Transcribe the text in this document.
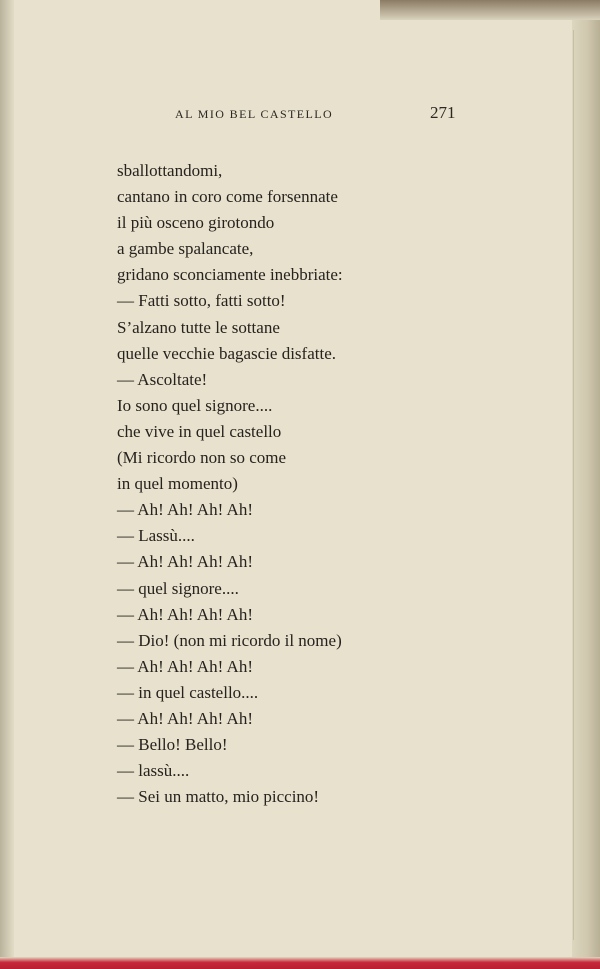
AL MIO BEL CASTELLO	271
sballottandomi,
cantano in coro come forsennate
il più osceno girotondo
a gambe spalancate,
gridano sconciamente inebbriate:
— Fatti sotto, fatti sotto!
S’alzano tutte le sottane
quelle vecchie bagascie disfatte.
— Ascoltate!
Io sono quel signore....
che vive in quel castello
(Mi ricordo non so come
in quel momento)
— Ah! Ah! Ah! Ah!
— Lassù....
— Ah! Ah! Ah! Ah!
— quel signore....
— Ah! Ah! Ah! Ah!
— Dio! (non mi ricordo il nome)
— Ah! Ah! Ah! Ah!
— in quel castello....
— Ah! Ah! Ah! Ah!
— Bello! Bello!
— lassù....
— Sei un matto, mio piccino!
